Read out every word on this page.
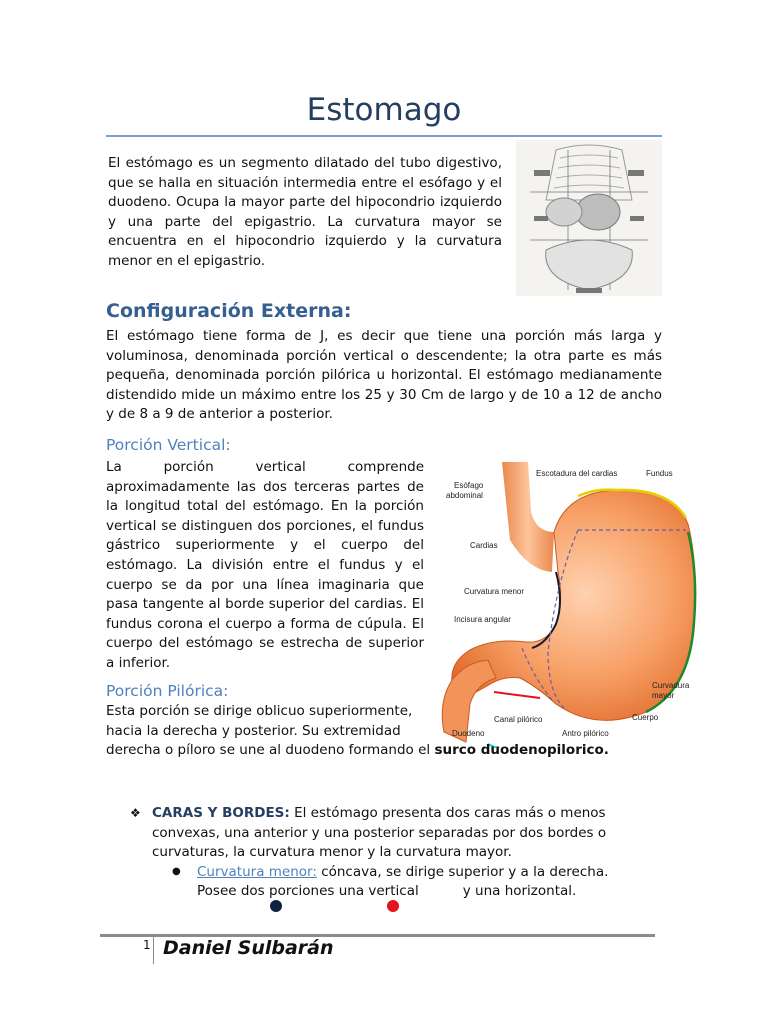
Estomago
El estómago es un segmento dilatado del tubo digestivo, que se halla en situación intermedia entre el esófago y el duodeno. Ocupa la mayor parte del hipocondrio izquierdo y una parte del epigastrio. La curvatura mayor se encuentra en el hipocondrio izquierdo y la curvatura menor en el epigastrio.
Configuración Externa:
El estómago tiene forma de J, es decir que tiene una porción más larga y voluminosa, denominada porción vertical o descendente; la otra parte es más pequeña, denominada porción pilórica u horizontal. El estómago medianamente distendido mide un máximo entre los 25 y 30 Cm de largo y de 10 a 12 de ancho y de 8 a 9 de anterior a posterior.
Porción Vertical:
La porción vertical comprende aproximadamente las dos terceras partes de la longitud total del estómago. En la porción vertical se distinguen dos porciones, el fundus gástrico superiormente y el cuerpo del estómago. La división entre el fundus y el cuerpo se da por una línea imaginaria que pasa tangente al borde superior del cardias. El fundus corona el cuerpo a forma de cúpula. El cuerpo del estómago se estrecha de superior a inferior.
Escotadura del cardias	Fundus
Esófago
abdominal
Cardias
Curvatura menor
Incisura angular
Curvadura
mayor
Cuerpo
Antro pilórico
Canal pilórico
Duodeno
Porción Pilórica:
Esta porción se dirige oblicuo superiormente,
hacia la derecha y posterior. Su extremidad
derecha o píloro se une al duodeno formando el surco duodenopilorico.
❖ CARAS Y BORDES: El estómago presenta dos caras más o menos convexas, una anterior y una posterior separadas por dos bordes o curvaturas, la curvatura menor y la curvatura mayor.
● Curvatura menor: cóncava, se dirige superior y a la derecha.
Posee dos porciones una vertical	y una horizontal.
1 Daniel Sulbarán
